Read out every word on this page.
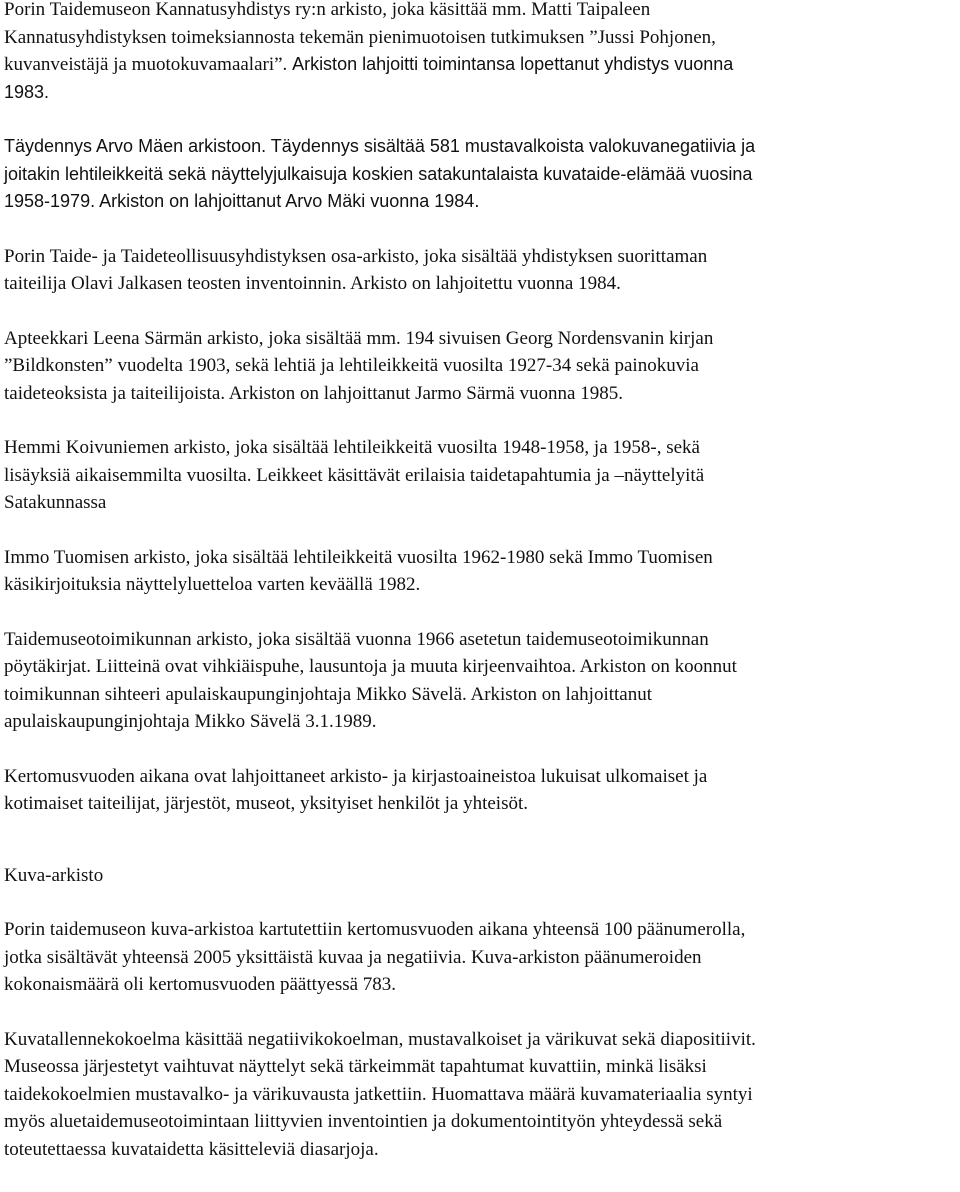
Porin Taidemuseon Kannatusyhdistys ry:n arkisto, joka käsittää mm. Matti Taipaleen
Kannatusyhdistyksen toimeksiannosta tekemän pienimuotoisen tutkimuksen ”Jussi Pohjonen,
kuvanveistäjä ja muotokuvamaalari”. Arkiston lahjoitti toimintansa lopettanut yhdistys vuonna
1983.

Täydennys Arvo Mäen arkistoon. Täydennys sisältää 581 mustavalkoista valokuvanegatiivia ja
joitakin lehtileikkeitä sekä näyttelyjulkaisuja koskien satakuntalaista kuvataide-elämää vuosina
1958-1979. Arkiston on lahjoittanut Arvo Mäki vuonna 1984.

Porin Taide- ja Taideteollisuusyhdistyksen osa-arkisto, joka sisältää yhdistyksen suorittaman
taiteilija Olavi Jalkasen teosten inventoinnin. Arkisto on lahjoitettu vuonna 1984.

Apteekkari Leena Särmän arkisto, joka sisältää mm. 194 sivuisen Georg Nordensvanin kirjan
”Bildkonsten” vuodelta 1903, sekä lehtiä ja lehtileikkeitä vuosilta 1927-34 sekä painokuvia
taideteoksista ja taiteilijoista. Arkiston on lahjoittanut Jarmo Särmä vuonna 1985.

Hemmi Koivuniemen arkisto, joka sisältää lehtileikkeitä vuosilta 1948-1958, ja 1958-, sekä
lisäyksiä aikaisemmilta vuosilta. Leikkeet käsittävät erilaisia taidetapahtumia ja –näyttelyitä
Satakunnassa

Immo Tuomisen arkisto, joka sisältää lehtileikkeitä vuosilta 1962-1980 sekä Immo Tuomisen
käsikirjoituksia näyttelyluetteloa varten keväällä 1982.

Taidemuseotoimikunnan arkisto, joka sisältää vuonna 1966 asetetun taidemuseotoimikunnan
pöytäkirjat. Liitteinä ovat vihkiäispuhe, lausuntoja ja muuta kirjeenvaihtoa. Arkiston on koonnut
toimikunnan sihteeri apulaiskaupunginjohtaja Mikko Sävelä. Arkiston on lahjoittanut
apulaiskaupunginjohtaja Mikko Sävelä 3.1.1989.

Kertomusvuoden aikana ovat lahjoittaneet arkisto- ja kirjastoaineistoa lukuisat ulkomaiset ja
kotimaiset taiteilijat, järjestöt, museot, yksityiset henkilöt ja yhteisöt.

Kuva-arkisto

Porin taidemuseon kuva-arkistoa kartutettiin kertomusvuoden aikana yhteensä 100 päänumerolla,
jotka sisältävät yhteensä 2005 yksittäistä kuvaa ja negatiivia. Kuva-arkiston päänumeroiden
kokonaismäärä oli kertomusvuoden päättyessä 783.

Kuvatallennekokoelma käsittää negatiivikokoelman, mustavalkoiset ja värikuvat sekä diapositiivit.
Museossa järjestetyt vaihtuvat näyttelyt sekä tärkeimmät tapahtumat kuvattiin, minkä lisäksi
taidekokoelmien mustavalko- ja värikuvausta jatkettiin. Huomattava määrä kuvamateriaalia syntyi
myös aluetaidemuseotoimintaan liittyvien inventointien ja dokumentointityön yhteydessä sekä
toteutettaessa kuvataidetta käsitteleviä diasarjoja.
